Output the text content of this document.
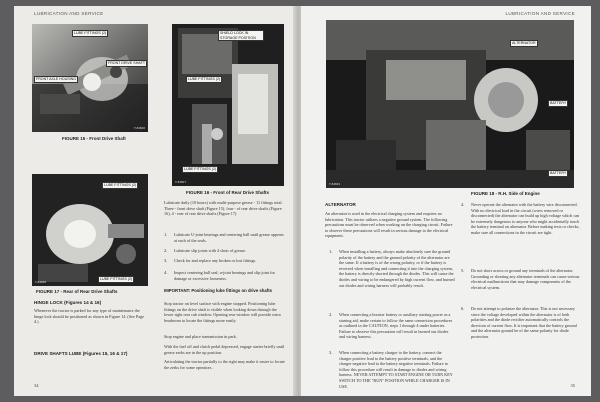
LUBRICATION AND SERVICE
LUBE FITTINGS (2)
FRONT AXLE HOUSING
FRONT DRIVE SHAFT
T-84826
FIGURE 15 - Front Drive Shaft
SHIELD LOCK IN STORAGE POSITION
LUBE FITTINGS (2)
LUBE FITTINGS (2)
T-84827
FIGURE 16 - Front of Rear Drive Shafts
LUBE FITTINGS (2)
LUBE FITTINGS (2)
T-84828
FIGURE 17 - Rear of Rear Drive Shafts
HINGE LOCK (Figures 14 & 16)
Whenever the tractor is parked for any type of maintenance the hinge lock should be positioned as shown in Figure 14. (See Page 4.)
DRIVE SHAFTS LUBE (Figures 15, 16 & 17)
Lubricate daily (10 hours) with multi-purpose grease - 11 fittings total. Three - front drive shaft (Figure 15), four - of rear drive shafts (Figure 16), 4 - rear of rear drive shafts (Figure 17).
1. Lubricate U-joint bearings and centering ball until grease appears at each of the seals.
2. Lubricate slip joints with 4 shots of grease.
3. Check for and replace any broken or lost fittings.
4. Inspect centering ball seal, u-joint bearings and slip joint for damage or excessive looseness.
IMPORTANT: Positioning lube fittings on drive shafts
Stop tractor on level surface with engine stopped. Positioning lube fittings on the drive shaft is visible when looking down through the lower right rear cab window. Opening rear window will provide extra headroom to locate the fittings more easily.
Stop engine and place transmission in park.
With the fuel off and clutch pedal depressed, engage starter briefly until grease zerks are in the up position.
Articulating the tractor partially to the right may make it easier to locate the zerks for some operators.
34
LUBRICATION AND SERVICE
ALTERNATOR
BATTERY
BATTERY
T-84843
FIGURE 18 - R.H. Side of Engine
ALTERNATOR
An alternator is used in the electrical charging system and requires no lubrication. This tractor utilizes a negative ground system. The following precautions must be observed when working on the charging circuit. Failure to observe these precautions will result in serious damage to the electrical equipment.
1. When installing a battery, always make absolutely sure the ground polarity of the battery and the ground polarity of the alternator are the same. If a battery is of the wrong polarity, or if the battery is reversed when installing and connecting it into the charging system, the battery is directly shorted through the diodes. This will cause the diodes and wiring to be endangered by high current flow, and burned out diodes and wiring harness will probably result.
2. When connecting a booster battery or auxiliary starting power as a starting aid, make certain to follow the same connection procedures as outlined in the CAUTION, steps 1 through 4 under batteries. Failure to observe this precaution will result in burned out diodes and wiring harness.
3. When connecting a battery charger to the battery, connect the charger positive lead to the battery positive terminals, and the charger negative lead to the battery negative terminals. Failure to follow this procedure will result in damage to diodes and wiring harness. NEVER ATTEMPT TO START ENGINE OR TURN KEY SWITCH TO THE "RUN" POSITION WHILE CHARGER IS IN USE.
4. Never operate the alternator with the battery wire disconnected. With no electrical load in the circuit (wires removed or disconnected) the alternator can build up high voltage which can be extremely dangerous to anyone who might accidentally touch the battery terminal on alternator. Before making tests or checks, make sure all connections in the circuit are tight.
5. Do not short across or ground any terminals of the alternator. Grounding or shorting any alternator terminals can cause serious electrical malfunctions that may damage components of the electrical system.
6. Do not attempt to polarize the alternator. This is not necessary since the voltage developed within the alternator is of both polarities and the diode rectifier automatically controls the direction of current flow. It is important that the battery ground and the alternator ground be of the same polarity for diode protection.
35
